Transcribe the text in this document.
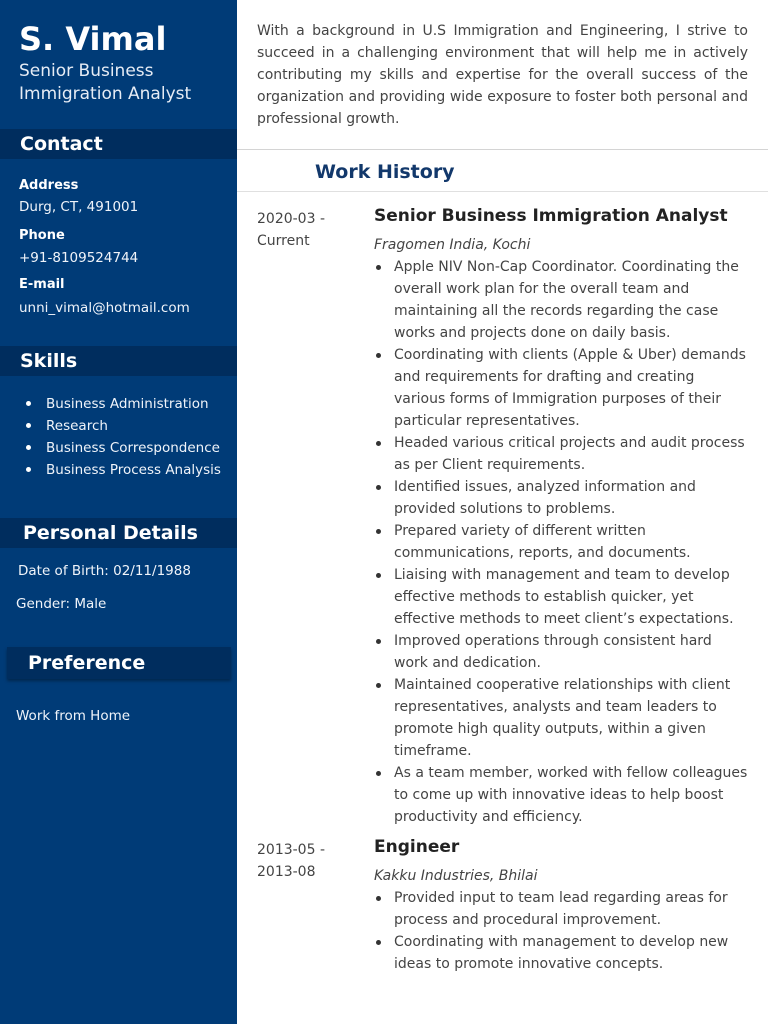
S. Vimal
Senior Business Immigration Analyst
Contact
Address
Durg, CT, 491001
Phone
+91-8109524744
E-mail
unni_vimal@hotmail.com
Skills
Business Administration
Research
Business Correspondence
Business Process Analysis
Personal Details
Date of Birth: 02/11/1988
Gender: Male
Preference
Work from Home
With a background in U.S Immigration and Engineering, I strive to succeed in a challenging environment that will help me in actively contributing my skills and expertise for the overall success of the organization and providing wide exposure to foster both personal and professional growth.
Work History
2020-03 -
Current
Senior Business Immigration Analyst
Fragomen India, Kochi
Apple NIV Non-Cap Coordinator. Coordinating the overall work plan for the overall team and maintaining all the records regarding the case works and projects done on daily basis.
Coordinating with clients (Apple & Uber) demands and requirements for drafting and creating various forms of Immigration purposes of their particular representatives.
Headed various critical projects and audit process as per Client requirements.
Identified issues, analyzed information and provided solutions to problems.
Prepared variety of different written communications, reports, and documents.
Liaising with management and team to develop effective methods to establish quicker, yet effective methods to meet client’s expectations.
Improved operations through consistent hard work and dedication.
Maintained cooperative relationships with client representatives, analysts and team leaders to promote high quality outputs, within a given timeframe.
As a team member, worked with fellow colleagues to come up with innovative ideas to help boost productivity and efficiency.
2013-05 -
2013-08
Engineer
Kakku Industries, Bhilai
Provided input to team lead regarding areas for process and procedural improvement.
Coordinating with management to develop new ideas to promote innovative concepts.
